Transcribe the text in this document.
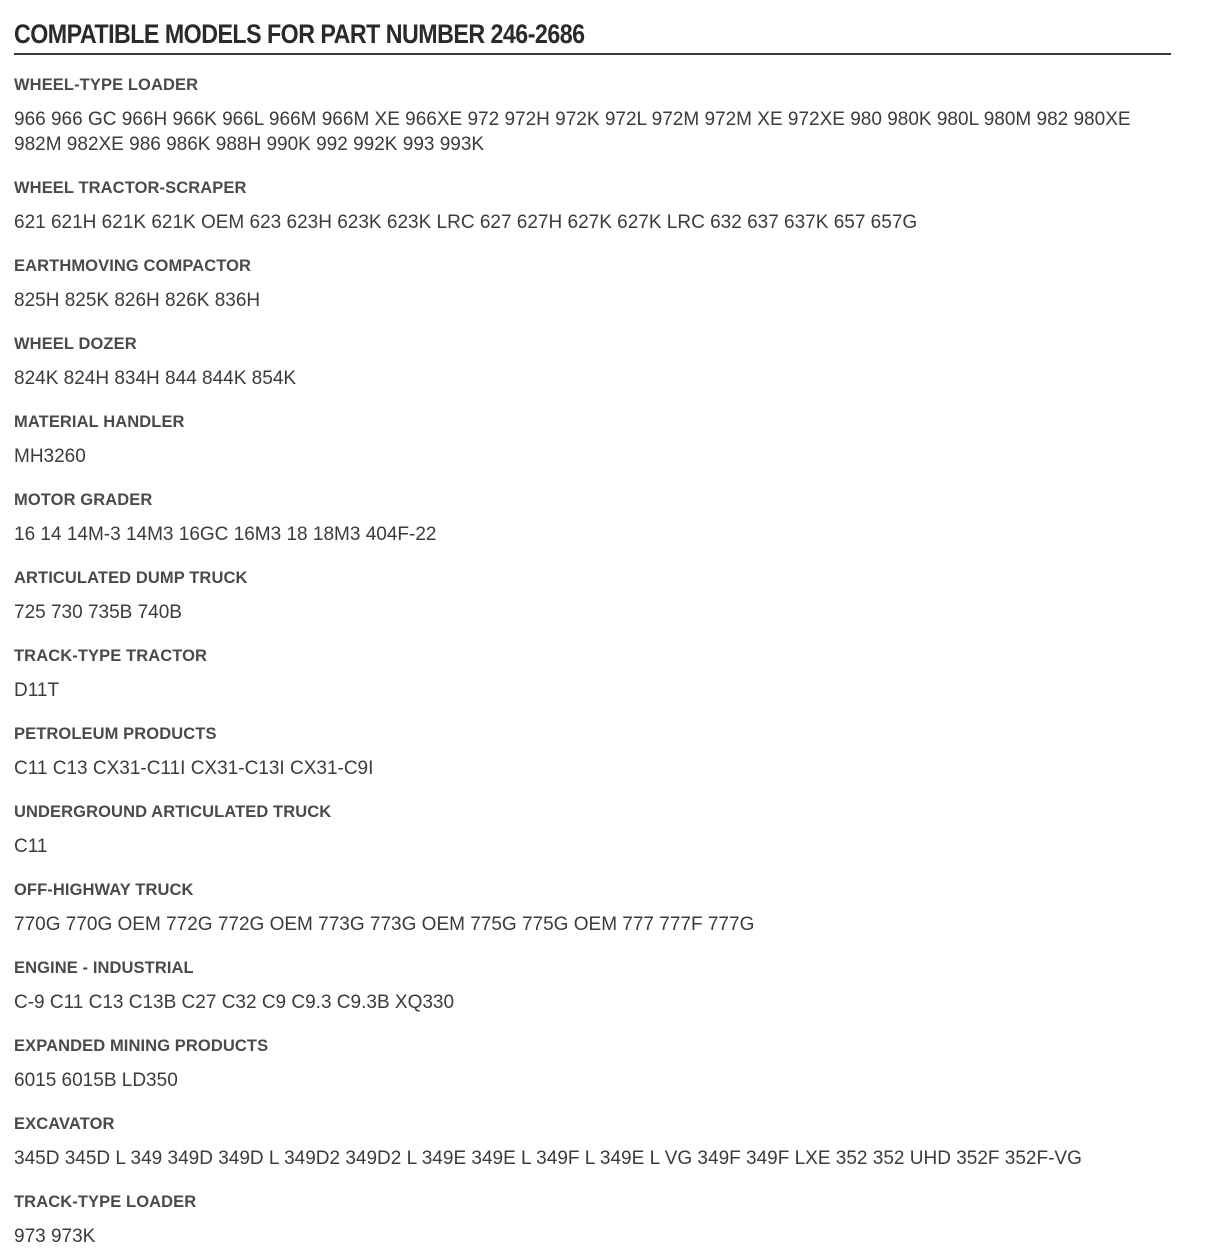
COMPATIBLE MODELS FOR PART NUMBER 246-2686
WHEEL-TYPE LOADER
966 966 GC 966H 966K 966L 966M 966M XE 966XE 972 972H 972K 972L 972M 972M XE 972XE 980 980K 980L 980M 982 980XE 982M 982XE 986 986K 988H 990K 992 992K 993 993K
WHEEL TRACTOR-SCRAPER
621 621H 621K 621K OEM 623 623H 623K 623K LRC 627 627H 627K 627K LRC 632 637 637K 657 657G
EARTHMOVING COMPACTOR
825H 825K 826H 826K 836H
WHEEL DOZER
824K 824H 834H 844 844K 854K
MATERIAL HANDLER
MH3260
MOTOR GRADER
16 14 14M-3 14M3 16GC 16M3 18 18M3 404F-22
ARTICULATED DUMP TRUCK
725 730 735B 740B
TRACK-TYPE TRACTOR
D11T
PETROLEUM PRODUCTS
C11 C13 CX31-C11I CX31-C13I CX31-C9I
UNDERGROUND ARTICULATED TRUCK
C11
OFF-HIGHWAY TRUCK
770G 770G OEM 772G 772G OEM 773G 773G OEM 775G 775G OEM 777 777F 777G
ENGINE - INDUSTRIAL
C-9 C11 C13 C13B C27 C32 C9 C9.3 C9.3B XQ330
EXPANDED MINING PRODUCTS
6015 6015B LD350
EXCAVATOR
345D 345D L 349 349D 349D L 349D2 349D2 L 349E 349E L 349F L 349E L VG 349F 349F LXE 352 352 UHD 352F 352F-VG
TRACK-TYPE LOADER
973 973K
